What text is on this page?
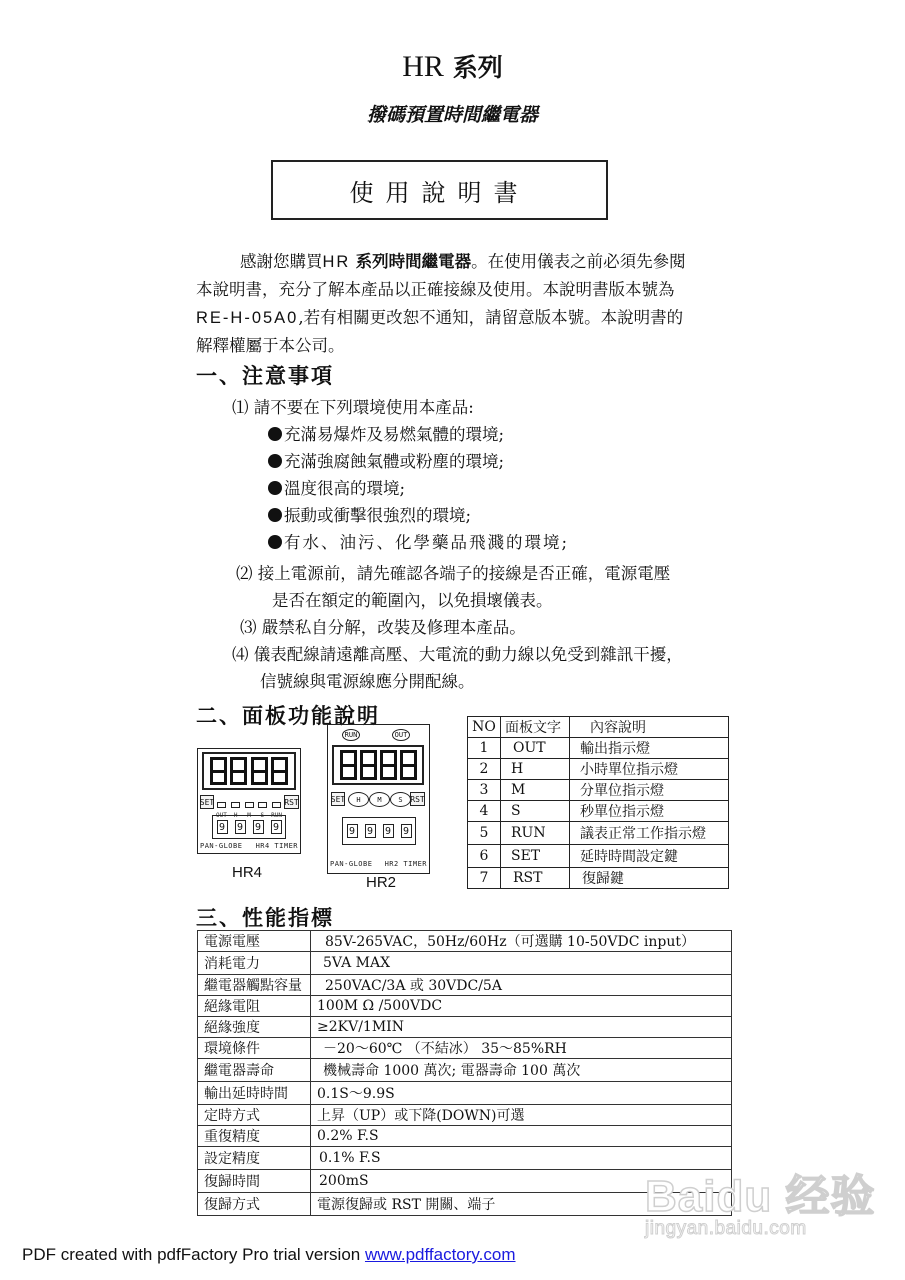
HR 系列
撥碼預置時間繼電器
使用說明書
感謝您購買HR 系列時間繼電器。在使用儀表之前必須先參閱
本說明書，充分了解本產品以正確接線及使用。本說明書版本號為
RE-H-05A0,若有相關更改恕不通知，請留意版本號。本說明書的
解釋權屬于本公司。
一、注意事項
⑴ 請不要在下列環境使用本產品:
充滿易爆炸及易燃氣體的環境;
充滿強腐蝕氣體或粉塵的環境;
溫度很高的環境;
振動或衝擊很強烈的環境;
有水、油污、化學藥品飛濺的環境;
⑵ 接上電源前，請先確認各端子的接線是否正確，電源電壓
是否在額定的範圍內，以免損壞儀表。
⑶ 嚴禁私自分解，改裝及修理本產品。
⑷ 儀表配線請遠離高壓、大電流的動力線以免受到雜訊干擾，
信號線與電源線應分開配線。
二、面板功能說明
SET	RST
OUT	H	M	S	RUN
9 9 9 9
PAN-GLOBE HR4 TIMER
HR4
RUN	OUT
SET	RST
H	M	S
9 9 9 9
PAN-GLOBE HR2 TIMER
HR2
NO	面板文字	內容說明
1	OUT	輸出指示燈
2	H	小時單位指示燈
3	M	分單位指示燈
4	S	秒單位指示燈
5	RUN	議表正常工作指示燈
6	SET	延時時間設定鍵
7	RST	復歸鍵
三、性能指標
電源電壓	85V-265VAC，50Hz/60Hz（可選購 10-50VDC input）
消耗電力	5VA MAX
繼電器觸點容量	250VAC/3A 或 30VDC/5A
絕緣電阻	100M Ω /500VDC
絕緣強度	≥2KV/1MIN
環境條件	－20～60℃ （不結冰） 35～85%RH
繼電器壽命	機械壽命 1000 萬次; 電器壽命 100 萬次
輸出延時時間	0.1S～9.9S
定時方式	上昇（UP）或下降(DOWN)可選
重復精度	0.2% F.S
設定精度	0.1% F.S
復歸時間	200mS
復歸方式	電源復歸或 RST 開關、端子	Baidu 经验
jingyan.baidu.com
PDF created with pdfFactory Pro trial version www.pdffactory.com
